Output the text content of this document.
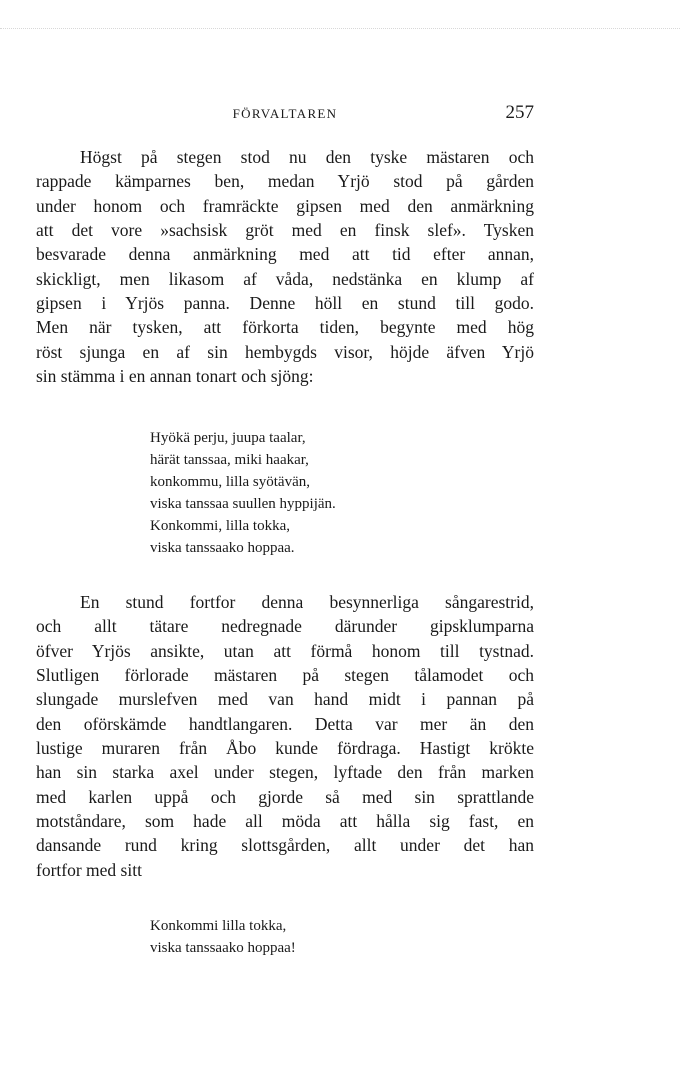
FÖRVALTAREN	257
Högst på stegen stod nu den tyske mästaren och
rappade kämparnes ben, medan Yrjö stod på gården
under honom och framräckte gipsen med den anmärkning
att det vore »sachsisk gröt med en finsk slef». Tysken
besvarade denna anmärkning med att tid efter annan,
skickligt, men likasom af våda, nedstänka en klump af
gipsen i Yrjös panna. Denne höll en stund till godo.
Men när tysken, att förkorta tiden, begynte med hög
röst sjunga en af sin hembygds visor, höjde äfven Yrjö
sin stämma i en annan tonart och sjöng:
Hyökä perju, juupa taalar,
härät tanssaa, miki haakar,
konkommu, lilla syötävän,
viska tanssaa suullen hyppijän.
Konkommi, lilla tokka,
viska tanssaako hoppaa.
En stund fortfor denna besynnerliga sångarestrid,
och allt tätare nedregnade därunder gipsklumparna
öfver Yrjös ansikte, utan att förmå honom till tystnad.
Slutligen förlorade mästaren på stegen tålamodet och
slungade murslefven med van hand midt i pannan på
den oförskämde handtlangaren. Detta var mer än den
lustige muraren från Åbo kunde fördraga. Hastigt krökte
han sin starka axel under stegen, lyftade den från marken
med karlen uppå och gjorde så med sin sprattlande
motståndare, som hade all möda att hålla sig fast, en
dansande rund kring slottsgården, allt under det han
fortfor med sitt
Konkommi lilla tokka,
viska tanssaako hoppaa!
